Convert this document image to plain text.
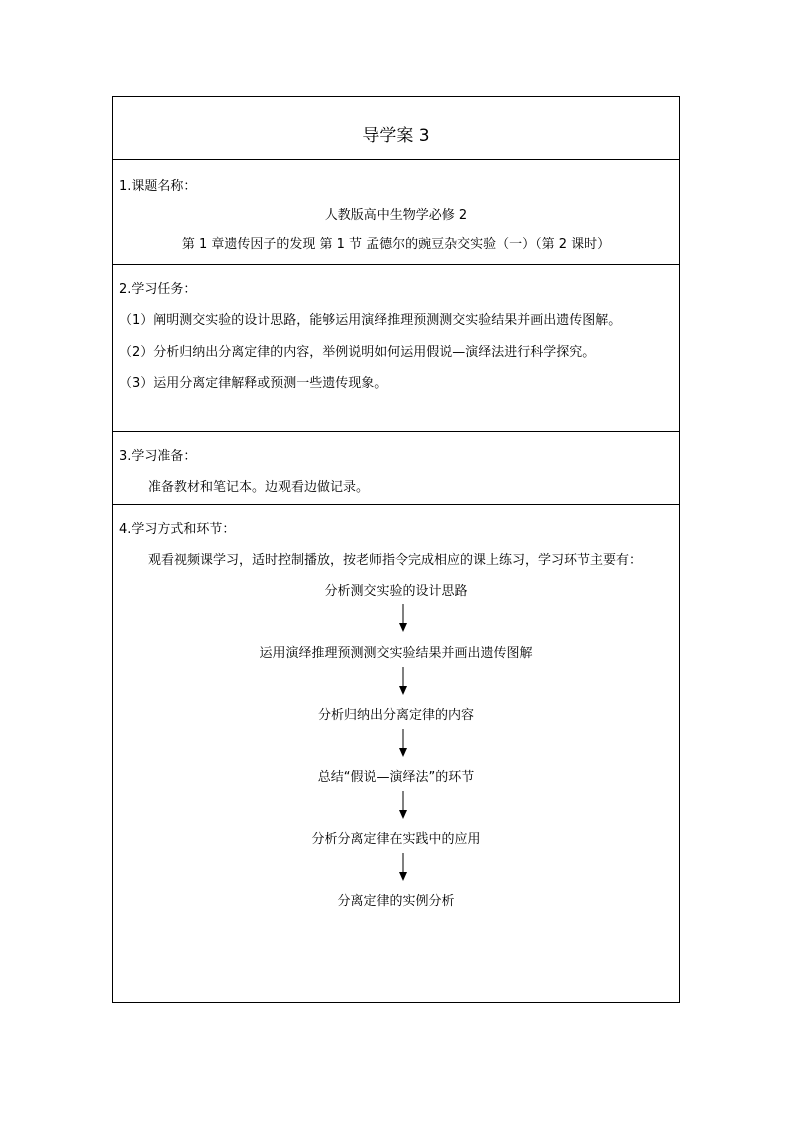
导学案 3
1.课题名称：
人教版高中生物学必修 2
第 1 章遗传因子的发现 第 1 节 孟德尔的豌豆杂交实验（一）（第 2 课时）
2.学习任务：
（1）阐明测交实验的设计思路，能够运用演绎推理预测测交实验结果并画出遗传图解。
（2）分析归纳出分离定律的内容，举例说明如何运用假说—演绎法进行科学探究。
（3）运用分离定律解释或预测一些遗传现象。
3.学习准备：
准备教材和笔记本。边观看边做记录。
4.学习方式和环节：
观看视频课学习，适时控制播放，按老师指令完成相应的课上练习，学习环节主要有：
分析测交实验的设计思路
运用演绎推理预测测交实验结果并画出遗传图解
分析归纳出分离定律的内容
总结“假说—演绎法”的环节
分析分离定律在实践中的应用
分离定律的实例分析
